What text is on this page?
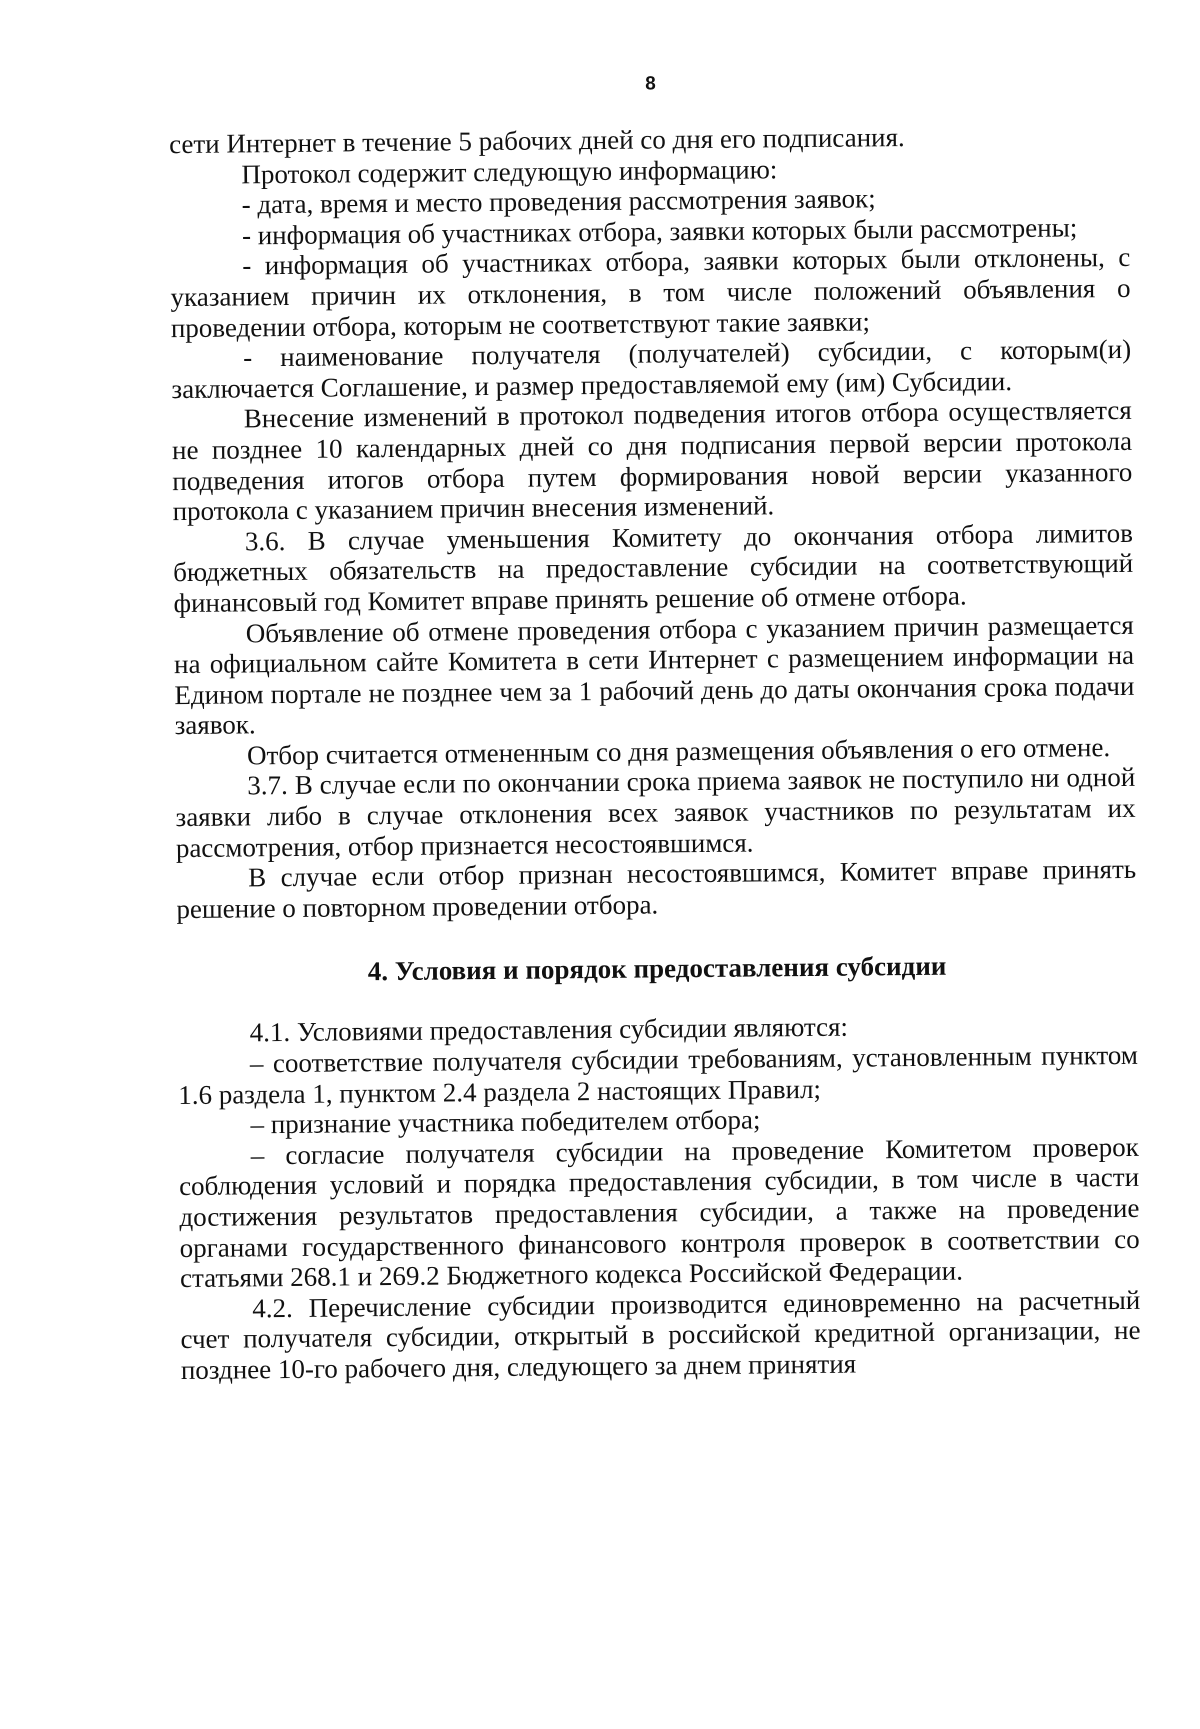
8

сети Интернет в течение 5 рабочих дней со дня его подписания.

Протокол содержит следующую информацию:

- дата, время и место проведения рассмотрения заявок;

- информация об участниках отбора, заявки которых были рассмотрены;

- информация об участниках отбора, заявки которых были отклонены, с указанием причин их отклонения, в том числе положений объявления о проведении отбора, которым не соответствуют такие заявки;

- наименование получателя (получателей) субсидии, с которым(и) заключается Соглашение, и размер предоставляемой ему (им) Субсидии.

Внесение изменений в протокол подведения итогов отбора осуществляется не позднее 10 календарных дней со дня подписания первой версии протокола подведения итогов отбора путем формирования новой версии указанного протокола с указанием причин внесения изменений.

3.6. В случае уменьшения Комитету до окончания отбора лимитов бюджетных обязательств на предоставление субсидии на соответствующий финансовый год Комитет вправе принять решение об отмене отбора.

Объявление об отмене проведения отбора с указанием причин размещается на официальном сайте Комитета в сети Интернет с размещением информации на Едином портале не позднее чем за 1 рабочий день до даты окончания срока подачи заявок.

Отбор считается отмененным со дня размещения объявления о его отмене.

3.7. В случае если по окончании срока приема заявок не поступило ни одной заявки либо в случае отклонения всех заявок участников по результатам их рассмотрения, отбор признается несостоявшимся.

В случае если отбор признан несостоявшимся, Комитет вправе принять решение о повторном проведении отбора.

4. Условия и порядок предоставления субсидии

4.1. Условиями предоставления субсидии являются:

– соответствие получателя субсидии требованиям, установленным пунктом 1.6 раздела 1, пунктом 2.4 раздела 2 настоящих Правил;

– признание участника победителем отбора;

– согласие получателя субсидии на проведение Комитетом проверок соблюдения условий и порядка предоставления субсидии, в том числе в части достижения результатов предоставления субсидии, а также на проведение органами государственного финансового контроля проверок в соответствии со статьями 268.1 и 269.2 Бюджетного кодекса Российской Федерации.

4.2. Перечисление субсидии производится единовременно на расчетный счет получателя субсидии, открытый в российской кредитной организации, не позднее 10-го рабочего дня, следующего за днем принятия
